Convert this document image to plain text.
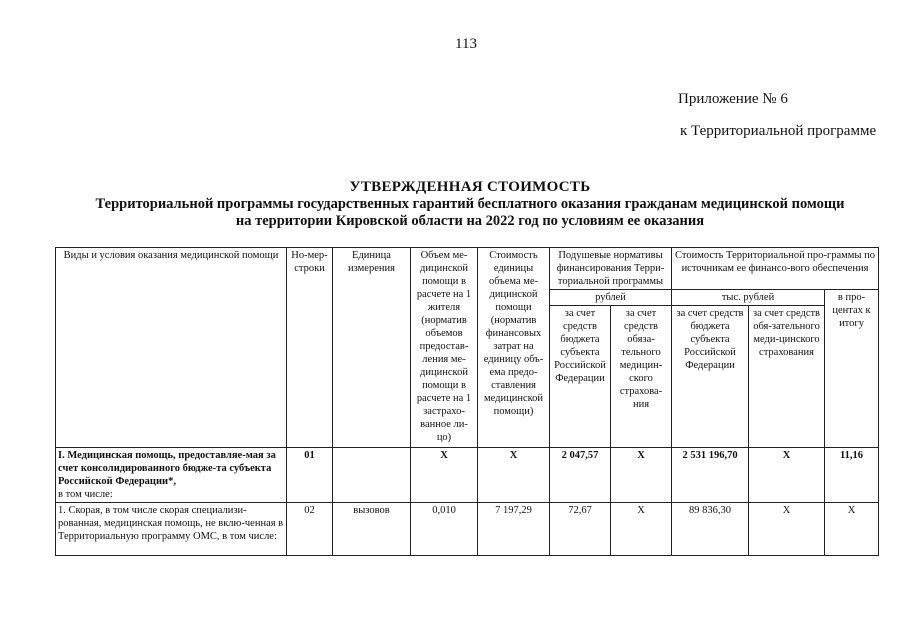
113
Приложение № 6
к Территориальной программе
УТВЕРЖДЕННАЯ СТОИМОСТЬ
Территориальной программы государственных гарантий бесплатного оказания гражданам медицинской помощи
на территории Кировской области на 2022 год по условиям ее оказания
Виды и условия оказания медицинской помощи	Но-мер-строки	Единица измерения	Объем ме-дицинской помощи в расчете на 1 жителя (норматив объемов предостав-ления ме-дицинской помощи в расчете на 1 застрахо-ванное ли-цо)	Стоимость единицы объема ме-дицинской помощи (норматив финансовых затрат на единицу объ-ема предо-ставления медицинской помощи)	Подушевые нормативы финансирования Терри-ториальной программы		Стоимость Территориальной про-граммы по источникам ее финансо-вого обеспечения		
					рублей		тыс. рублей		в про-центах к итогу
					за счет средств бюджета субъекта Российской Федерации	за счет средств обяза-тельного медицин-ского страхова-ния	за счет средств бюджета субъекта Российской Федерации	за счет средств обя-зательного меди-цинского страхования	
I. Медицинская помощь, предоставляе-мая за счет консолидированного бюдже-та субъекта Российской Федерации*,
в том числе:	01		X	X	2 047,57	X	2 531 196,70	X	11,16
1. Скорая, в том числе скорая специализи-рованная, медицинская помощь, не вклю-ченная в Территориальную программу ОМС, в том числе:	02	вызовов	0,010	7 197,29	72,67	X	89 836,30	X	X
